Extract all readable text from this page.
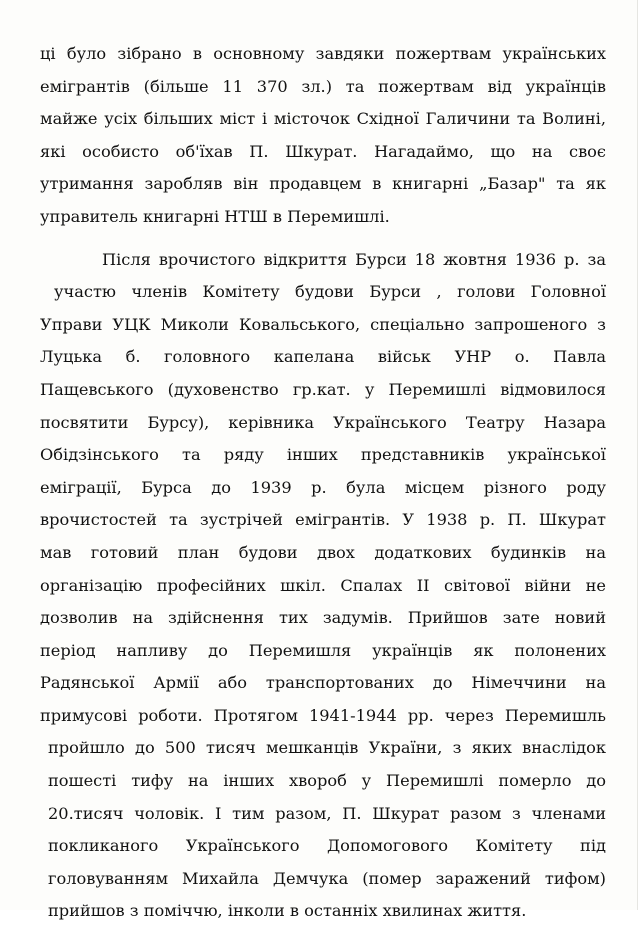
ці було зібрано в основному завдяки пожертвам українських
емігрантів (більше 11 370 зл.) та пожертвам від українців
майже усіх більших міст і місточок Східної Галичини та Волині,
які особисто об'їхав П. Шкурат. Нагадаймо, що на своє
утримання заробляв він продавцем в книгарні „Базар" та як
управитель книгарні НТШ в Перемишлі.
Після врочистого відкриття Бурси 18 жовтня 1936 р. за
участю членів Комітету будови Бурси , голови Головної
Управи УЦК Миколи Ковальського, спеціально запрошеного з
Луцька б. головного капелана військ УНР о. Павла
Пащевського (духовенство гр.кат. у Перемишлі відмовилося
посвятити Бурсу), керівника Українського Театру Назара
Обідзінського та ряду інших представників української
еміграції, Бурса до 1939 р. була місцем різного роду
врочистостей та зустрічей емігрантів. У 1938 р. П. Шкурат
мав готовий план будови двох додаткових будинків на
організацію професійних шкіл. Спалах ІІ світової війни не
дозволив на здійснення тих задумів. Прийшов зате новий
період напливу до Перемишля українців як полонених
Радянської Армії або транспортованих до Німеччини на
примусові роботи. Протягом 1941-1944 рр. через Перемишль
пройшло до 500 тисяч мешканців України, з яких внаслідок
пошесті тифу на інших хвороб у Перемишлі померло до
20.тисяч чоловік. І тим разом, П. Шкурат разом з членами
покликаного Українського Допомогового Комітету під
головуванням Михайла Демчука (помер заражений тифом)
прийшов з поміччю, інколи в останніх хвилинах життя.
